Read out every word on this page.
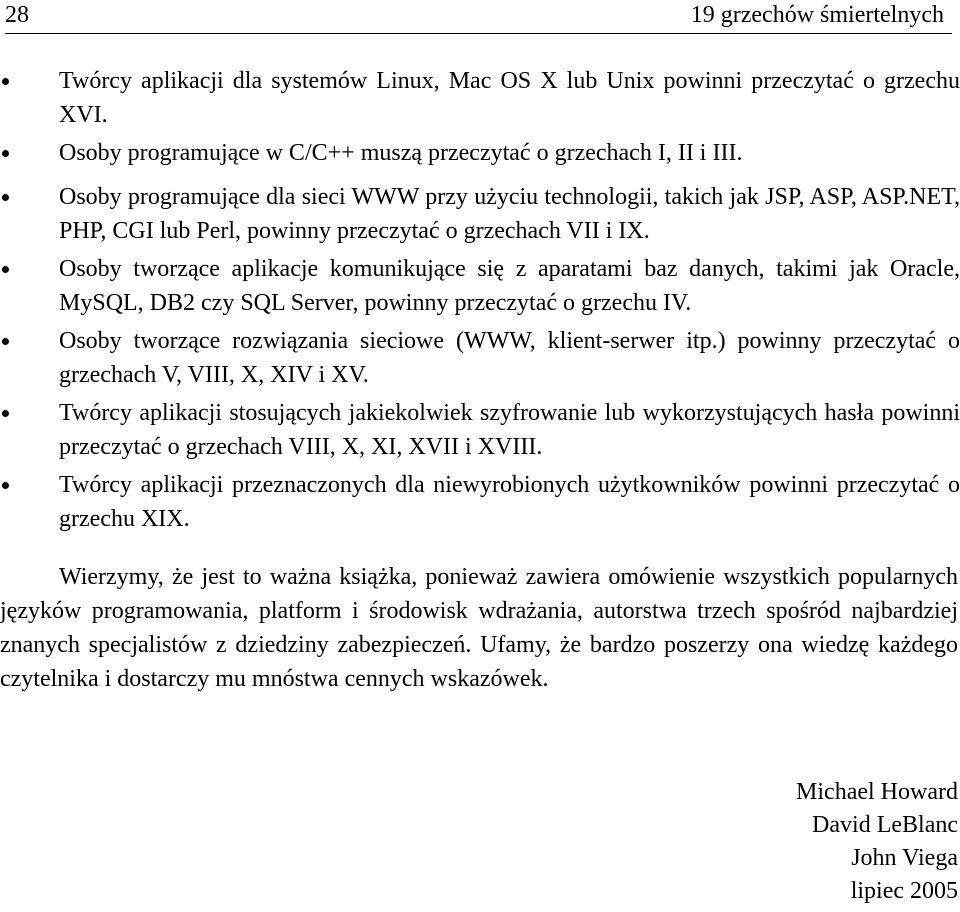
28	19 grzechów śmiertelnych
Twórcy aplikacji dla systemów Linux, Mac OS X lub Unix powinni przeczytać o grzechu XVI.
Osoby programujące w C/C++ muszą przeczytać o grzechach I, II i III.
Osoby programujące dla sieci WWW przy użyciu technologii, takich jak JSP, ASP, ASP.NET, PHP, CGI lub Perl, powinny przeczytać o grzechach VII i IX.
Osoby tworzące aplikacje komunikujące się z aparatami baz danych, takimi jak Oracle, MySQL, DB2 czy SQL Server, powinny przeczytać o grzechu IV.
Osoby tworzące rozwiązania sieciowe (WWW, klient-serwer itp.) powinny przeczytać o grzechach V, VIII, X, XIV i XV.
Twórcy aplikacji stosujących jakiekolwiek szyfrowanie lub wykorzystujących hasła powinni przeczytać o grzechach VIII, X, XI, XVII i XVIII.
Twórcy aplikacji przeznaczonych dla niewyrobionych użytkowników powinni przeczytać o grzechu XIX.

Wierzymy, że jest to ważna książka, ponieważ zawiera omówienie wszystkich popularnych języków programowania, platform i środowisk wdrażania, autorstwa trzech spośród najbardziej znanych specjalistów z dziedziny zabezpieczeń. Ufamy, że bardzo poszerzy ona wiedzę każdego czytelnika i dostarczy mu mnóstwa cennych wskazówek.

Michael Howard
David LeBlanc
John Viega
lipiec 2005
